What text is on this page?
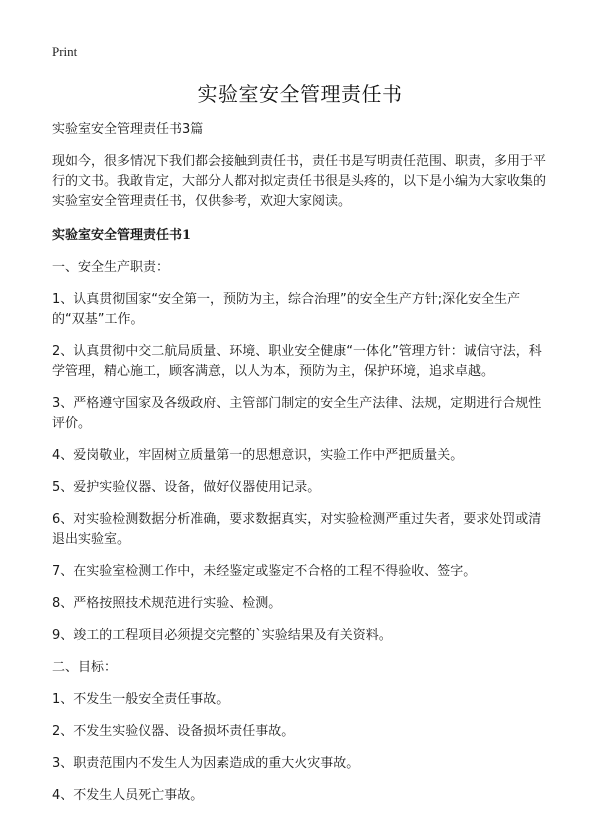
Print
实验室安全管理责任书

实验室安全管理责任书3篇

现如今，很多情况下我们都会接触到责任书，责任书是写明责任范围、职责，多用于平行的文书。我敢肯定，大部分人都对拟定责任书很是头疼的，以下是小编为大家收集的实验室安全管理责任书，仅供参考，欢迎大家阅读。

实验室安全管理责任书1

一、安全生产职责：

1、认真贯彻国家“安全第一，预防为主，综合治理”的安全生产方针;深化安全生产的“双基”工作。

2、认真贯彻中交二航局质量、环境、职业安全健康“一体化”管理方针：诚信守法，科学管理，精心施工，顾客满意，以人为本，预防为主，保护环境，追求卓越。

3、严格遵守国家及各级政府、主管部门制定的安全生产法律、法规，定期进行合规性评价。

4、爱岗敬业，牢固树立质量第一的思想意识，实验工作中严把质量关。

5、爱护实验仪器、设备，做好仪器使用记录。

6、对实验检测数据分析准确，要求数据真实，对实验检测严重过失者，要求处罚或清退出实验室。

7、在实验室检测工作中，未经鉴定或鉴定不合格的工程不得验收、签字。

8、严格按照技术规范进行实验、检测。

9、竣工的工程项目必须提交完整的`实验结果及有关资料。

二、目标：

1、不发生一般安全责任事故。

2、不发生实验仪器、设备损坏责任事故。

3、职责范围内不发生人为因素造成的重大火灾事故。

4、不发生人员死亡事故。
